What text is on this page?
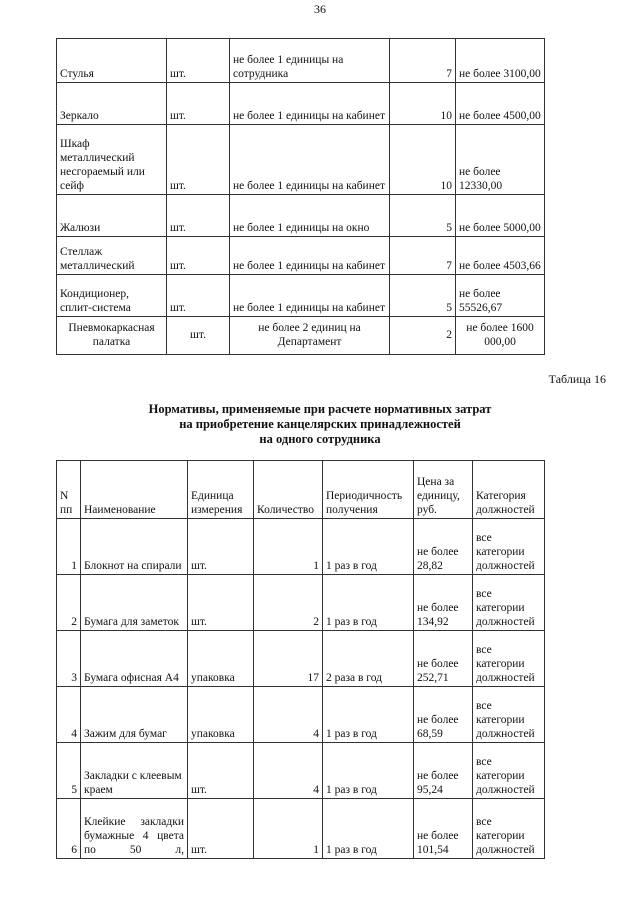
36
Стулья	шт.	не более 1 единицы на сотрудника	7	не более 3100,00
Зеркало	шт.	не более 1 единицы на кабинет	10	не более 4500,00
Шкаф металлический несгораемый или сейф	шт.	не более 1 единицы на кабинет	10	не более 12330,00
Жалюзи	шт.	не более 1 единицы на окно	5	не более 5000,00
Стеллаж металлический	шт.	не более 1 единицы на кабинет	7	не более 4503,66
Кондиционер, сплит-система	шт.	не более 1 единицы на кабинет	5	не более 55526,67
Пневмокаркасная палатка	шт.	не более 2 единиц на Департамент	2	не более 1600 000,00
Таблица 16
Нормативы, применяемые при расчете нормативных затрат
на приобретение канцелярских принадлежностей
на одного сотрудника
N пп	Наименование	Единица измерения	Количество	Периодичность получения	Цена за единицу, руб.	Категория должностей
1	Блокнот на спирали	шт.	1	1 раз в год	не более 28,82	все категории должностей
2	Бумага для заметок	шт.	2	1 раз в год	не более 134,92	все категории должностей
3	Бумага офисная А4	упаковка	17	2 раза в год	не более 252,71	все категории должностей
4	Зажим для бумаг	упаковка	4	1 раз в год	не более 68,59	все категории должностей
5	Закладки с клеевым краем	шт.	4	1 раз в год	не более 95,24	все категории должностей
6	Клейкие закладки бумажные 4 цвета по 50 л,	шт.	1	1 раз в год	не более 101,54	все категории должностей
